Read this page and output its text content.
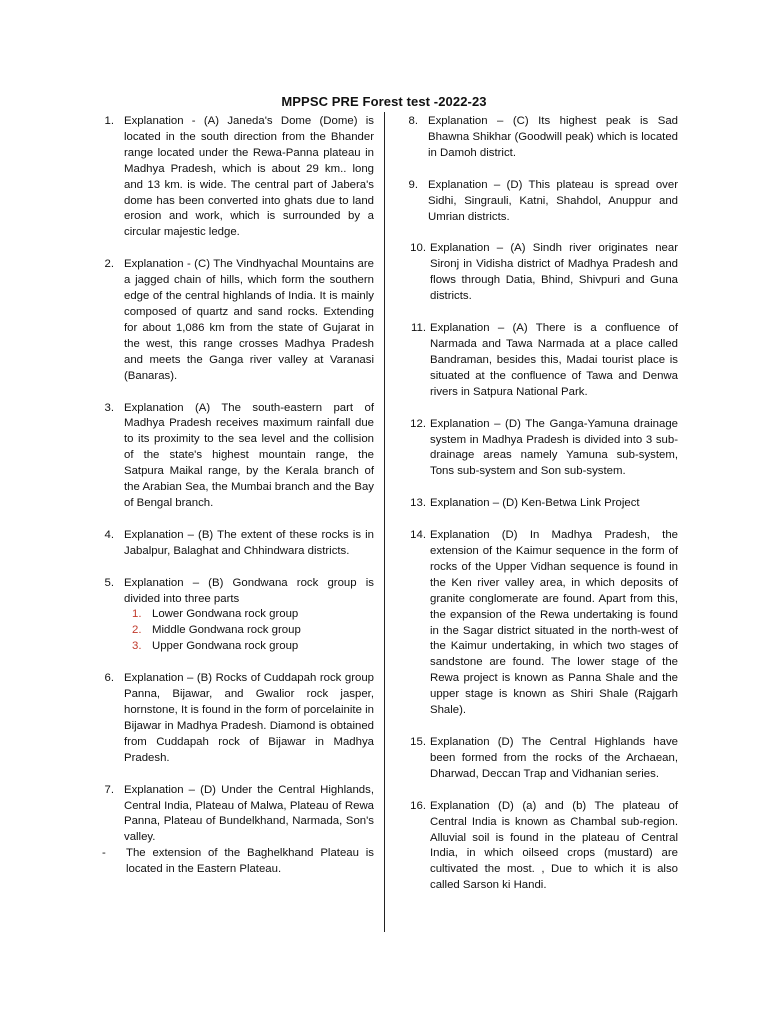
MPPSC PRE Forest test -2022-23
1. Explanation - (A) Janeda's Dome (Dome) is located in the south direction from the Bhander range located under the Rewa-Panna plateau in Madhya Pradesh, which is about 29 km.. long and 13 km. is wide. The central part of Jabera's dome has been converted into ghats due to land erosion and work, which is surrounded by a circular majestic ledge.
2. Explanation - (C) The Vindhyachal Mountains are a jagged chain of hills, which form the southern edge of the central highlands of India. It is mainly composed of quartz and sand rocks. Extending for about 1,086 km from the state of Gujarat in the west, this range crosses Madhya Pradesh and meets the Ganga river valley at Varanasi (Banaras).
3. Explanation (A) The south-eastern part of Madhya Pradesh receives maximum rainfall due to its proximity to the sea level and the collision of the state's highest mountain range, the Satpura Maikal range, by the Kerala branch of the Arabian Sea, the Mumbai branch and the Bay of Bengal branch.
4. Explanation – (B) The extent of these rocks is in Jabalpur, Balaghat and Chhindwara districts.
5. Explanation – (B) Gondwana rock group is divided into three parts
1. Lower Gondwana rock group
2. Middle Gondwana rock group
3. Upper Gondwana rock group
6. Explanation – (B) Rocks of Cuddapah rock group Panna, Bijawar, and Gwalior rock jasper, hornstone, It is found in the form of porcelainite in Bijawar in Madhya Pradesh. Diamond is obtained from Cuddapah rock of Bijawar in Madhya Pradesh.
7. Explanation – (D) Under the Central Highlands, Central India, Plateau of Malwa, Plateau of Rewa Panna, Plateau of Bundelkhand, Narmada, Son's valley.
-	The extension of the Baghelkhand Plateau is located in the Eastern Plateau.
8. Explanation – (C) Its highest peak is Sad Bhawna Shikhar (Goodwill peak) which is located in Damoh district.
9. Explanation – (D) This plateau is spread over Sidhi, Singrauli, Katni, Shahdol, Anuppur and Umrian districts.
10. Explanation – (A) Sindh river originates near Sironj in Vidisha district of Madhya Pradesh and flows through Datia, Bhind, Shivpuri and Guna districts.
11. Explanation – (A) There is a confluence of Narmada and Tawa Narmada at a place called Bandraman, besides this, Madai tourist place is situated at the confluence of Tawa and Denwa rivers in Satpura National Park.
12. Explanation – (D) The Ganga-Yamuna drainage system in Madhya Pradesh is divided into 3 sub-drainage areas namely Yamuna sub-system, Tons sub-system and Son sub-system.
13. Explanation – (D) Ken-Betwa Link Project
14. Explanation (D) In Madhya Pradesh, the extension of the Kaimur sequence in the form of rocks of the Upper Vidhan sequence is found in the Ken river valley area, in which deposits of granite conglomerate are found. Apart from this, the expansion of the Rewa undertaking is found in the Sagar district situated in the north-west of the Kaimur undertaking, in which two stages of sandstone are found. The lower stage of the Rewa project is known as Panna Shale and the upper stage is known as Shiri Shale (Rajgarh Shale).
15. Explanation (D) The Central Highlands have been formed from the rocks of the Archaean, Dharwad, Deccan Trap and Vidhanian series.
16. Explanation (D) (a) and (b) The plateau of Central India is known as Chambal sub-region. Alluvial soil is found in the plateau of Central India, in which oilseed crops (mustard) are cultivated the most. , Due to which it is also called Sarson ki Handi.
